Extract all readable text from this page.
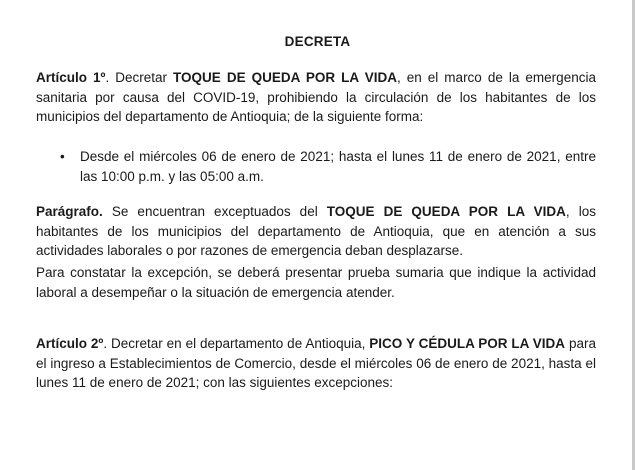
DECRETA

Artículo 1º. Decretar TOQUE DE QUEDA POR LA VIDA, en el marco de la emergencia sanitaria por causa del COVID-19, prohibiendo la circulación de los habitantes de los municipios del departamento de Antioquia; de la siguiente forma:

• Desde el miércoles 06 de enero de 2021; hasta el lunes 11 de enero de 2021, entre las 10:00 p.m. y las 05:00 a.m.

Parágrafo. Se encuentran exceptuados del TOQUE DE QUEDA POR LA VIDA, los habitantes de los municipios del departamento de Antioquia, que en atención a sus actividades laborales o por razones de emergencia deban desplazarse.

Para constatar la excepción, se deberá presentar prueba sumaria que indique la actividad laboral a desempeñar o la situación de emergencia atender.

Artículo 2º. Decretar en el departamento de Antioquia, PICO Y CÉDULA POR LA VIDA para el ingreso a Establecimientos de Comercio, desde el miércoles 06 de enero de 2021, hasta el lunes 11 de enero de 2021; con las siguientes excepciones:
